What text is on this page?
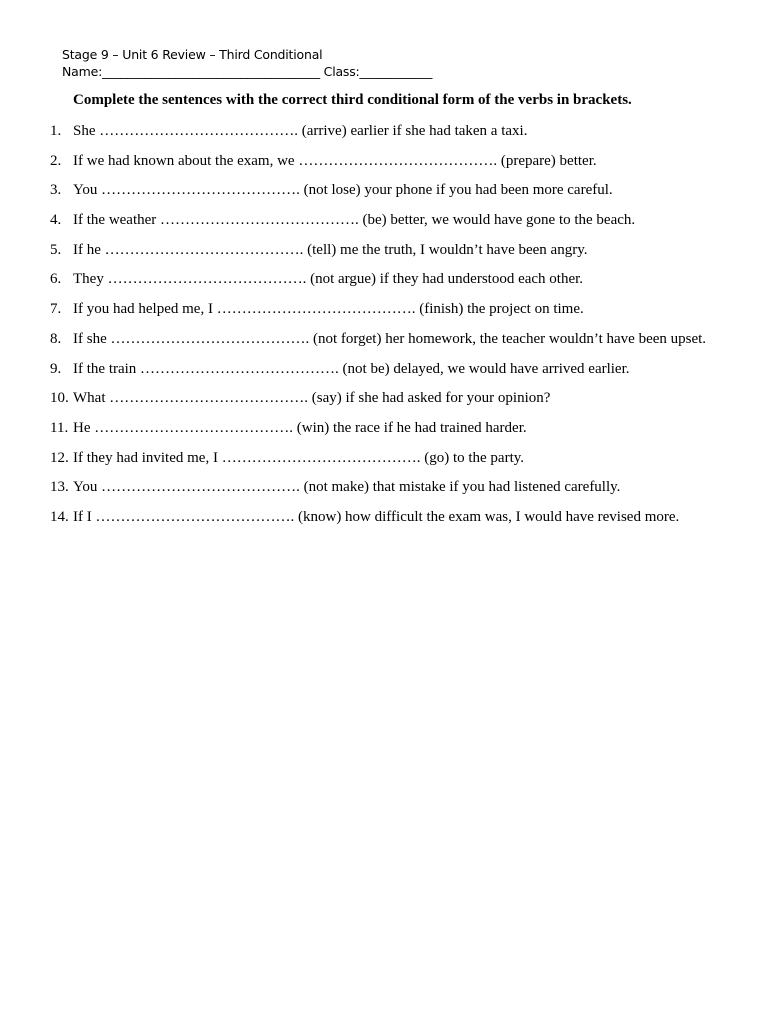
Stage 9 – Unit 6 Review – Third Conditional
Name:____________________________________ Class:____________
Complete the sentences with the correct third conditional form of the verbs in brackets.
1. She …………………………………. (arrive) earlier if she had taken a taxi.
2. If we had known about the exam, we …………………………………. (prepare) better.
3. You …………………………………. (not lose) your phone if you had been more careful.
4. If the weather …………………………………. (be) better, we would have gone to the beach.
5. If he …………………………………. (tell) me the truth, I wouldn’t have been angry.
6. They …………………………………. (not argue) if they had understood each other.
7. If you had helped me, I …………………………………. (finish) the project on time.
8. If she …………………………………. (not forget) her homework, the teacher wouldn’t have been upset.
9. If the train …………………………………. (not be) delayed, we would have arrived earlier.
10. What …………………………………. (say) if she had asked for your opinion?
11. He …………………………………. (win) the race if he had trained harder.
12. If they had invited me, I …………………………………. (go) to the party.
13. You …………………………………. (not make) that mistake if you had listened carefully.
14. If I …………………………………. (know) how difficult the exam was, I would have revised more.
